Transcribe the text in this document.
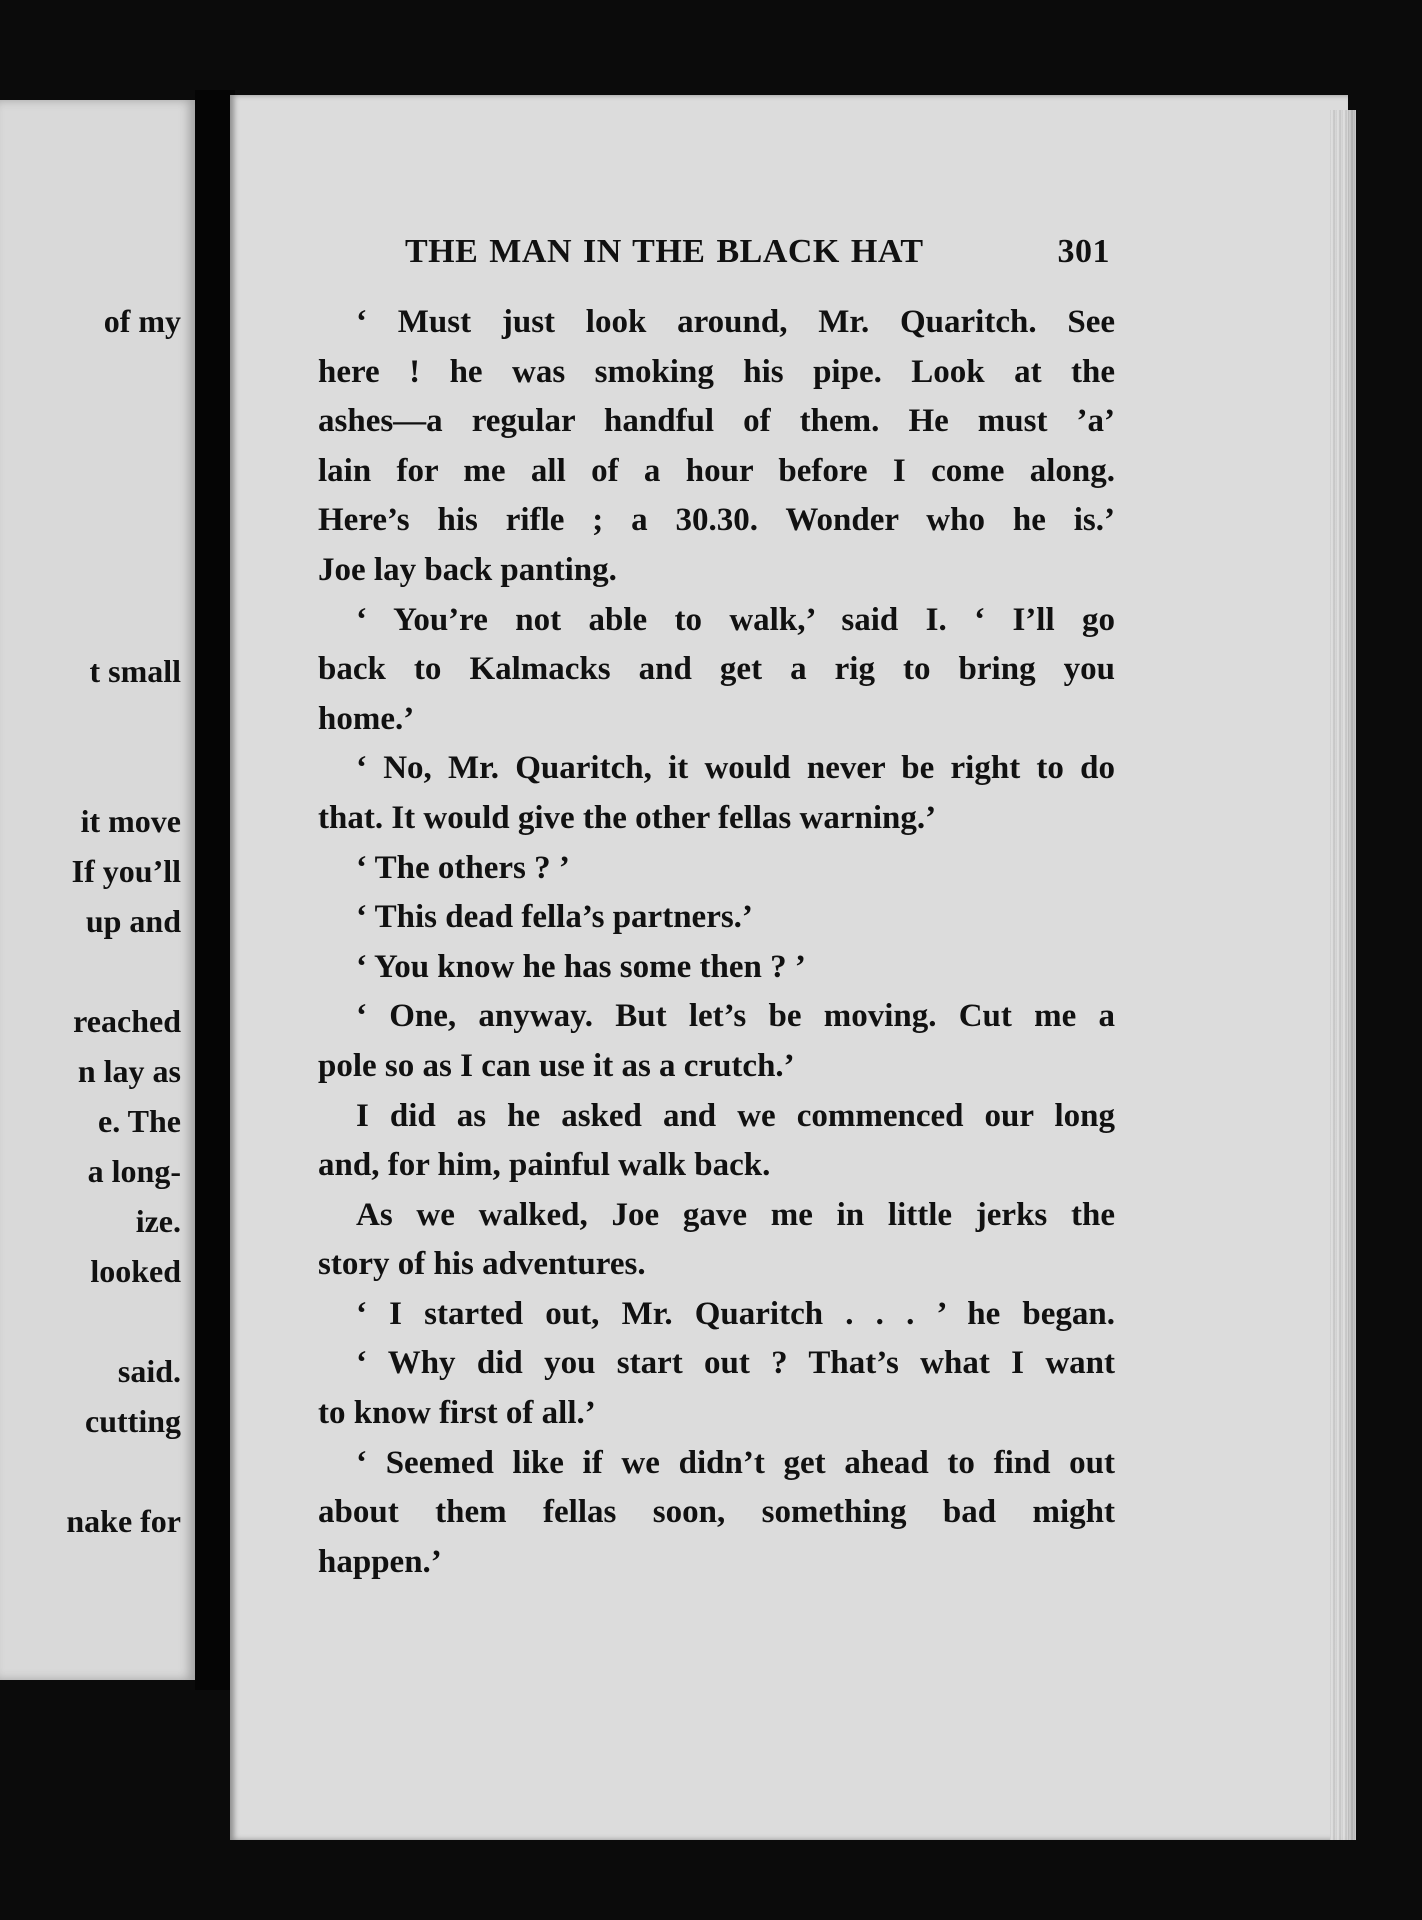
of my
t small
it move
If you’ll
up and
reached
n lay as
e. The
a long-
ize.
looked
said.
cutting
nake for
THE MAN IN THE BLACK HAT	301
‘ Must just look around, Mr. Quaritch. See
here ! he was smoking his pipe. Look at the
ashes—a regular handful of them. He must ’a’
lain for me all of a hour before I come along.
Here’s his rifle ; a 30.30. Wonder who he is.’
Joe lay back panting.
‘ You’re not able to walk,’ said I. ‘ I’ll go
back to Kalmacks and get a rig to bring you
home.’
‘ No, Mr. Quaritch, it would never be right to do
that. It would give the other fellas warning.’
‘ The others ? ’
‘ This dead fella’s partners.’
‘ You know he has some then ? ’
‘ One, anyway. But let’s be moving. Cut me a
pole so as I can use it as a crutch.’
I did as he asked and we commenced our long
and, for him, painful walk back.
As we walked, Joe gave me in little jerks the
story of his adventures.
‘ I started out, Mr. Quaritch . . . ’ he began.
‘ Why did you start out ? That’s what I want
to know first of all.’
‘ Seemed like if we didn’t get ahead to find out
about them fellas soon, something bad might
happen.’
